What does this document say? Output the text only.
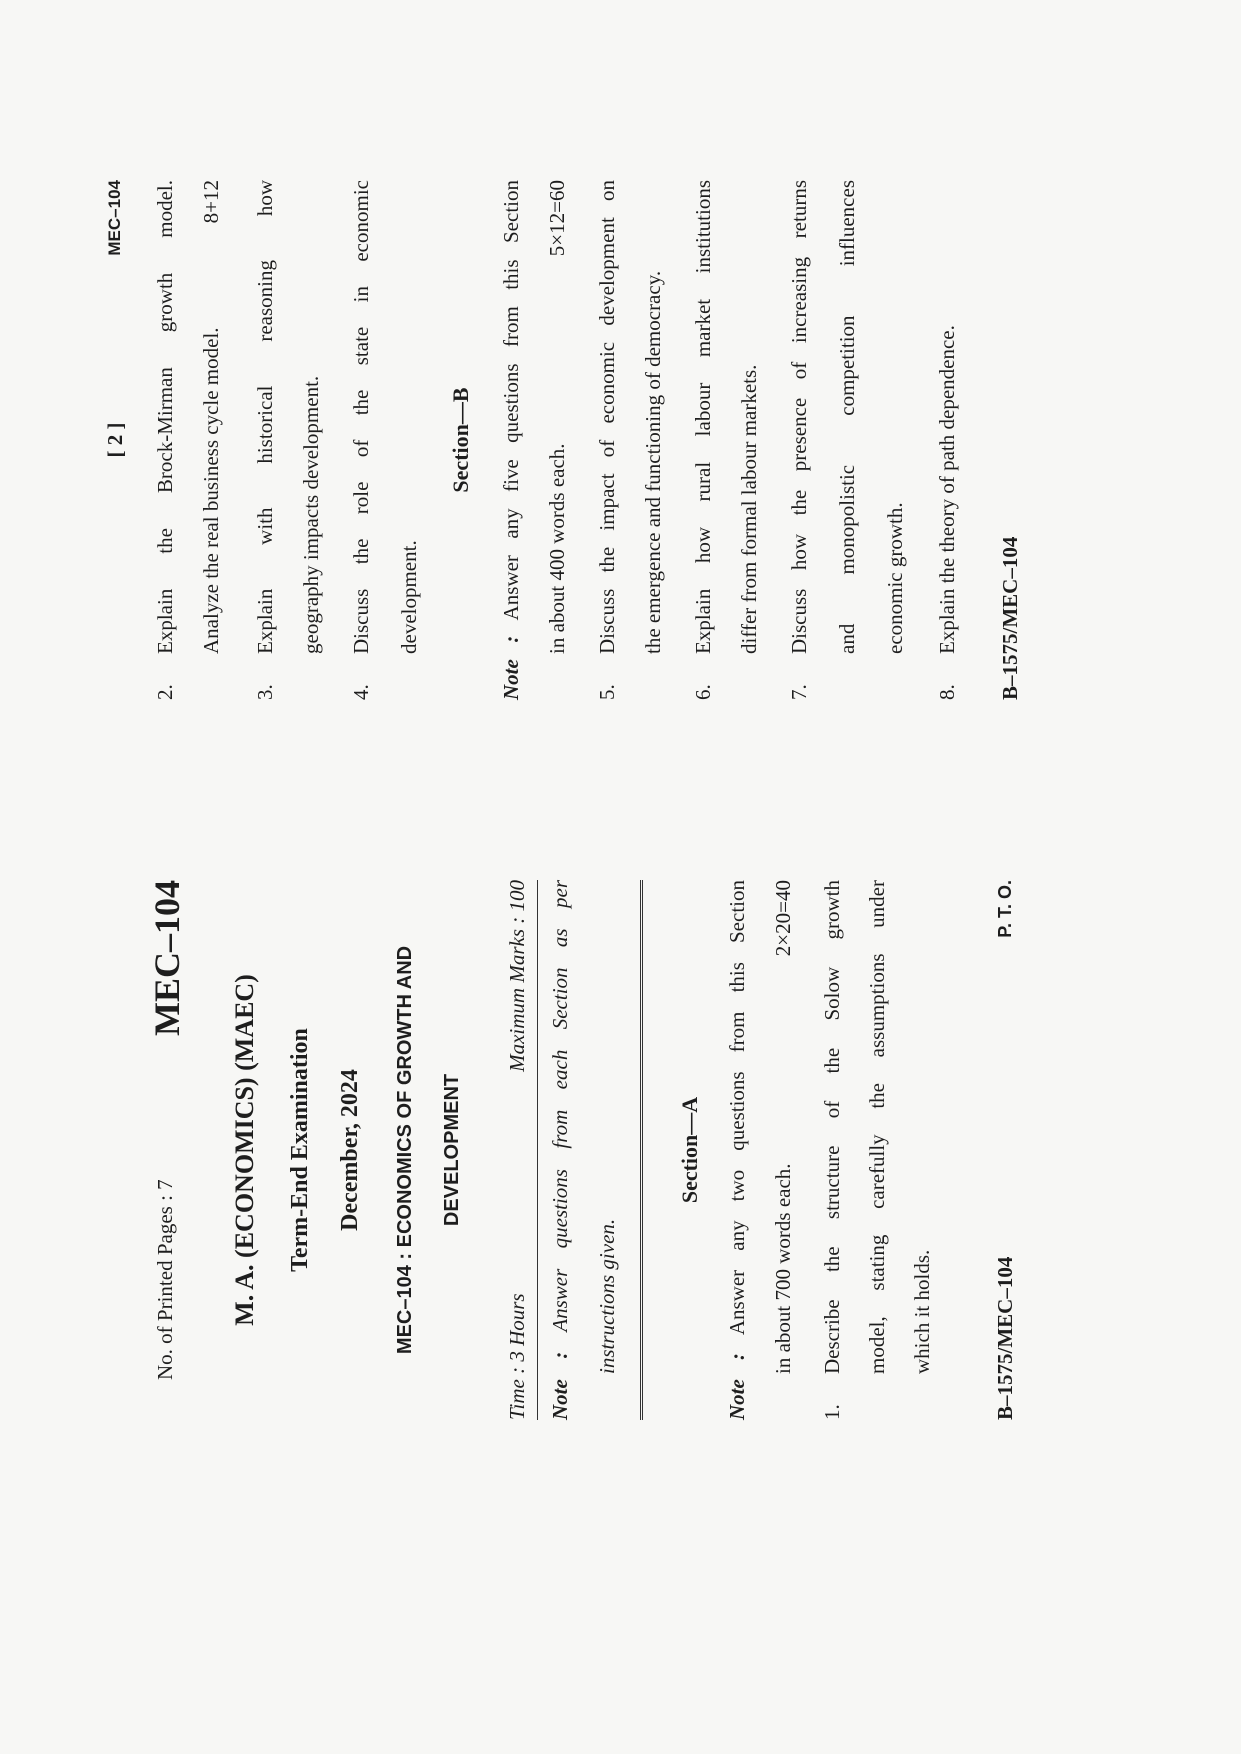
No. of Printed Pages : 7
MEC–104
M. A. (ECONOMICS) (MAEC) Term-End Examination December, 2024 MEC–104 : ECONOMICS OF GROWTH AND DEVELOPMENT
Time : 3 Hours
Maximum Marks : 100
Note : Answer questions from each Section as per instructions given.
Section—A
Note : Answer any two questions from this Section in about 700 words each.
2×20=40
1.
Describe the structure of the Solow growth model, stating carefully the assumptions under which it holds.	B–1575/MEC–104
P. T. O.
[ 2 ]
MEC–104
2.
Explain the Brock-Mirman growth model. Analyze the real business cycle model.
8+12
3.
Explain with historical reasoning how geography impacts development.
4.
Discuss the role of the state in economic development.
Section—B
Note : Answer any five questions from this Section in about 400 words each.
5×12=60
5.
Discuss the impact of economic development on the emergence and functioning of democracy.
6.
Explain how rural labour market institutions differ from formal labour markets.
7.
Discuss how the presence of increasing returns and monopolistic competition influences economic growth.
8.
Explain the theory of path dependence. B–1575/MEC–104
